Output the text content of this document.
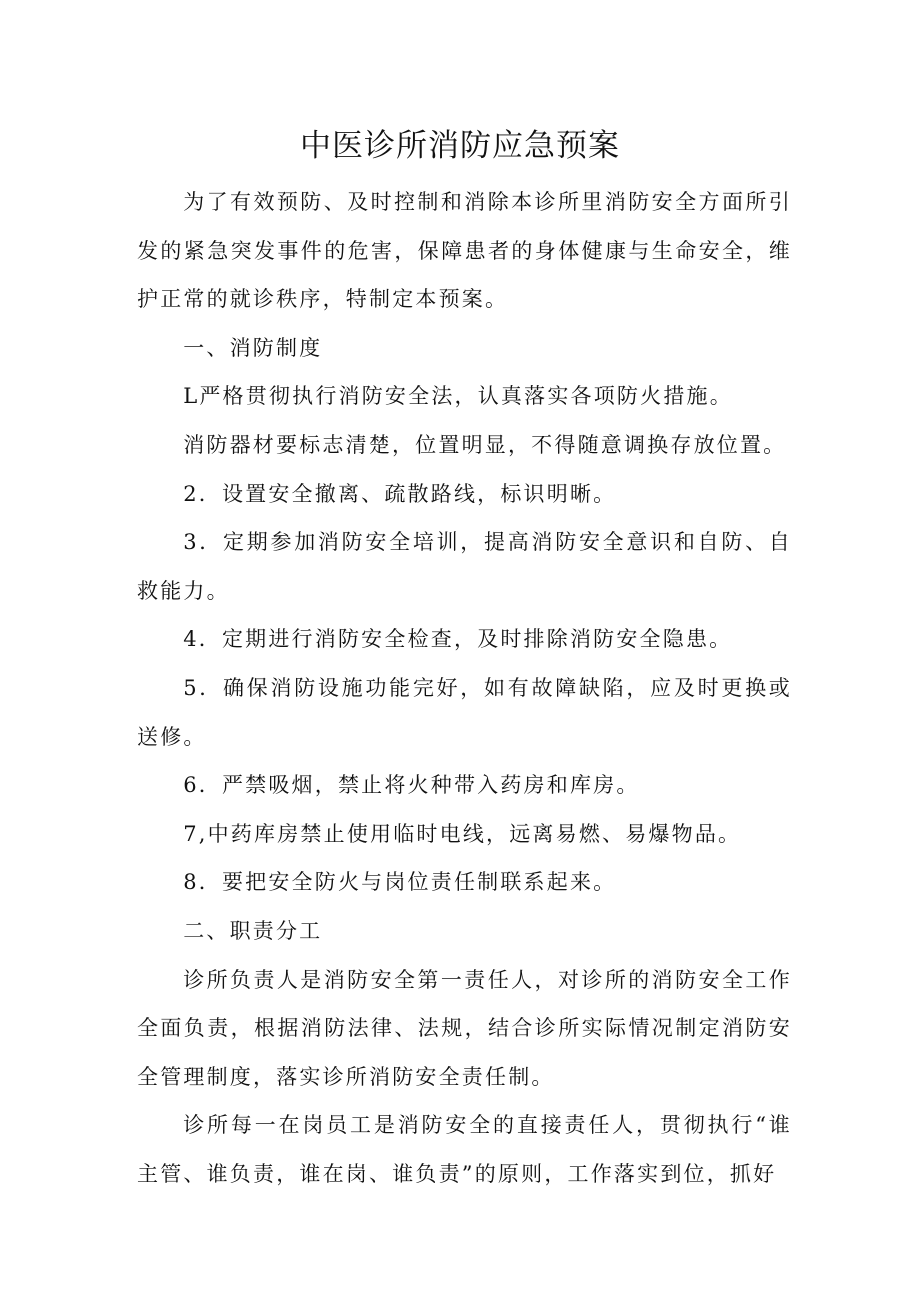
中医诊所消防应急预案

为了有效预防、及时控制和消除本诊所里消防安全方面所引发的紧急突发事件的危害，保障患者的身体健康与生命安全，维护正常的就诊秩序，特制定本预案。

一、消防制度

L严格贯彻执行消防安全法，认真落实各项防火措施。

消防器材要标志清楚，位置明显，不得随意调换存放位置。

2．设置安全撤离、疏散路线，标识明晰。

3．定期参加消防安全培训，提高消防安全意识和自防、自救能力。

4．定期进行消防安全检查，及时排除消防安全隐患。

5．确保消防设施功能完好，如有故障缺陷，应及时更换或送修。

6．严禁吸烟，禁止将火种带入药房和库房。

7,中药库房禁止使用临时电线，远离易燃、易爆物品。

8．要把安全防火与岗位责任制联系起来。

二、职责分工

诊所负责人是消防安全第一责任人，对诊所的消防安全工作全面负责，根据消防法律、法规，结合诊所实际情况制定消防安全管理制度，落实诊所消防安全责任制。

诊所每一在岗员工是消防安全的直接责任人，贯彻执行“谁主管、谁负责，谁在岗、谁负责”的原则，工作落实到位，抓好
